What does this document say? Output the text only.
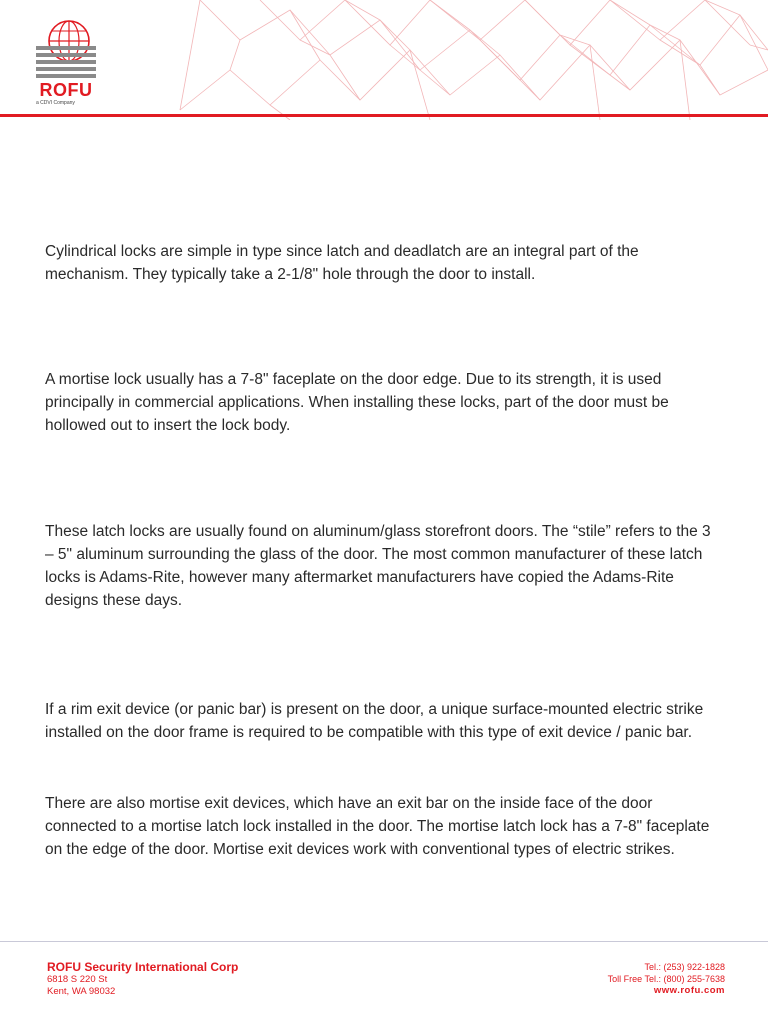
ROFU
a CDVI Company

Cylindrical locks are simple in type since latch and deadlatch are an integral part of the mechanism. They typically take a 2-1/8" hole through the door to install.

A mortise lock usually has a 7-8" faceplate on the door edge. Due to its strength, it is used principally in commercial applications. When installing these locks, part of the door must be hollowed out to insert the lock body.

These latch locks are usually found on aluminum/glass storefront doors. The “stile” refers to the 3 – 5" aluminum surrounding the glass of the door. The most common manufacturer of these latch locks is Adams-Rite, however many aftermarket manufacturers have copied the Adams-Rite designs these days.

If a rim exit device (or panic bar) is present on the door, a unique surface-mounted electric strike installed on the door frame is required to be compatible with this type of exit device / panic bar.

There are also mortise exit devices, which have an exit bar on the inside face of the door connected to a mortise latch lock installed in the door. The mortise latch lock has a 7-8" faceplate on the edge of the door. Mortise exit devices work with conventional types of electric strikes.

ROFU Security International Corp

6818 S 220 St

Kent, WA 98032

Tel.: (253) 922-1828

Toll Free Tel.: (800) 255-7638

www.rofu.com
